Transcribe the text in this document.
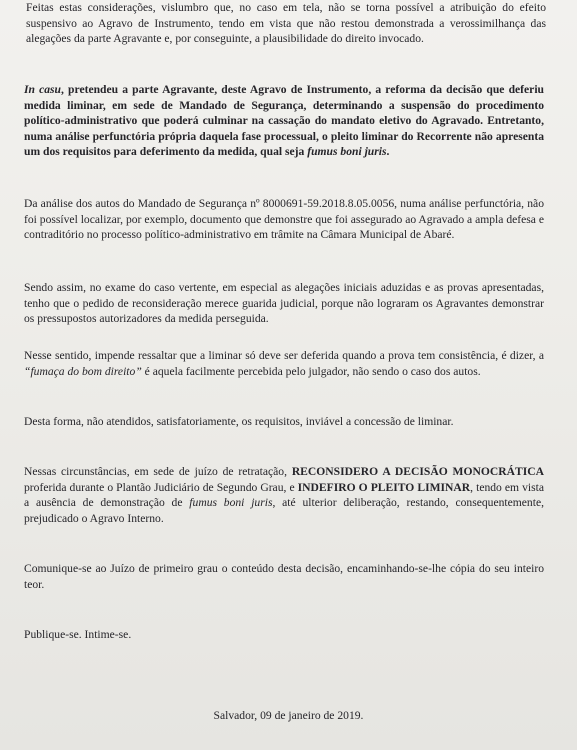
Feitas estas considerações, vislumbro que, no caso em tela, não se torna possível a atribuição do efeito suspensivo ao Agravo de Instrumento, tendo em vista que não restou demonstrada a verossimilhança das alegações da parte Agravante e, por conseguinte, a plausibilidade do direito invocado.

In casu, pretendeu a parte Agravante, deste Agravo de Instrumento, a reforma da decisão que deferiu medida liminar, em sede de Mandado de Segurança, determinando a suspensão do procedimento político-administrativo que poderá culminar na cassação do mandato eletivo do Agravado. Entretanto, numa análise perfunctória própria daquela fase processual, o pleito liminar do Recorrente não apresenta um dos requisitos para deferimento da medida, qual seja fumus boni juris.

Da análise dos autos do Mandado de Segurança nº 8000691-59.2018.8.05.0056, numa análise perfunctória, não foi possível localizar, por exemplo, documento que demonstre que foi assegurado ao Agravado a ampla defesa e contraditório no processo político-administrativo em trâmite na Câmara Municipal de Abaré.

Sendo assim, no exame do caso vertente, em especial as alegações iniciais aduzidas e as provas apresentadas, tenho que o pedido de reconsideração merece guarida judicial, porque não lograram os Agravantes demonstrar os pressupostos autorizadores da medida perseguida.

Nesse sentido, impende ressaltar que a liminar só deve ser deferida quando a prova tem consistência, é dizer, a “fumaça do bom direito” é aquela facilmente percebida pelo julgador, não sendo o caso dos autos.

Desta forma, não atendidos, satisfatoriamente, os requisitos, inviável a concessão de liminar.

Nessas circunstâncias, em sede de juízo de retratação, RECONSIDERO A DECISÃO MONOCRÁTICA proferida durante o Plantão Judiciário de Segundo Grau, e INDEFIRO O PLEITO LIMINAR, tendo em vista a ausência de demonstração de fumus boni juris, até ulterior deliberação, restando, consequentemente, prejudicado o Agravo Interno.

Comunique-se ao Juízo de primeiro grau o conteúdo desta decisão, encaminhando-se-lhe cópia do seu inteiro teor.

Publique-se. Intime-se.

Salvador, 09 de janeiro de 2019.
